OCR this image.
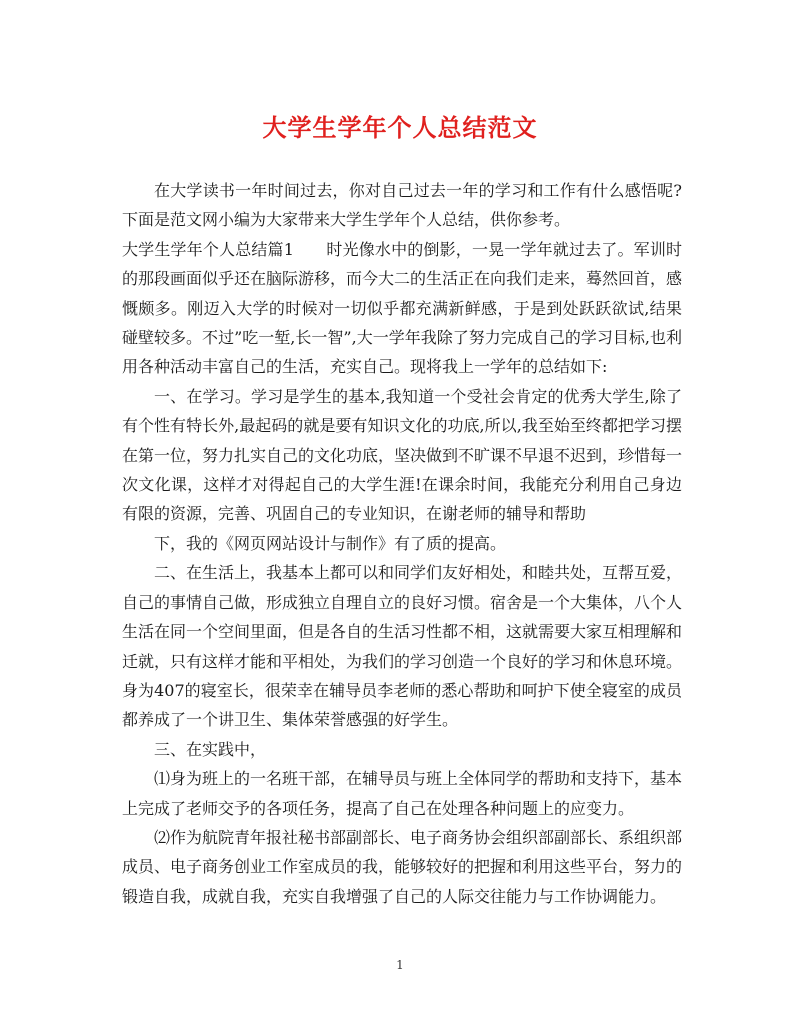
大学生学年个人总结范文

在大学读书一年时间过去，你对自己过去一年的学习和工作有什么感悟呢?下面是范文网小编为大家带来大学生学年个人总结，供你参考。

大学生学年个人总结篇1　　时光像水中的倒影，一晃一学年就过去了。军训时的那段画面似乎还在脑际游移，而今大二的生活正在向我们走来，蓦然回首，感慨颇多。刚迈入大学的时候对一切似乎都充满新鲜感，于是到处跃跃欲试,结果碰壁较多。不过”吃一堑,长一智”,大一学年我除了努力完成自己的学习目标,也利用各种活动丰富自己的生活，充实自己。现将我上一学年的总结如下:

一、在学习。学习是学生的基本,我知道一个受社会肯定的优秀大学生,除了有个性有特长外,最起码的就是要有知识文化的功底,所以,我至始至终都把学习摆在第一位，努力扎实自己的文化功底，坚决做到不旷课不早退不迟到，珍惜每一次文化课，这样才对得起自己的大学生涯!在课余时间，我能充分利用自己身边有限的资源，完善、巩固自己的专业知识，在谢老师的辅导和帮助

下，我的《网页网站设计与制作》有了质的提高。

二、在生活上，我基本上都可以和同学们友好相处，和睦共处，互帮互爱，自己的事情自己做，形成独立自理自立的良好习惯。宿舍是一个大集体，八个人生活在同一个空间里面，但是各自的生活习性都不相，这就需要大家互相理解和迁就，只有这样才能和平相处，为我们的学习创造一个良好的学习和休息环境。身为407的寝室长，很荣幸在辅导员李老师的悉心帮助和呵护下使全寝室的成员都养成了一个讲卫生、集体荣誉感强的好学生。

三、在实践中，

⑴身为班上的一名班干部，在辅导员与班上全体同学的帮助和支持下，基本上完成了老师交予的各项任务，提高了自己在处理各种问题上的应变力。

⑵作为航院青年报社秘书部副部长、电子商务协会组织部副部长、系组织部成员、电子商务创业工作室成员的我，能够较好的把握和利用这些平台，努力的锻造自我，成就自我，充实自我增强了自己的人际交往能力与工作协调能力。

1
